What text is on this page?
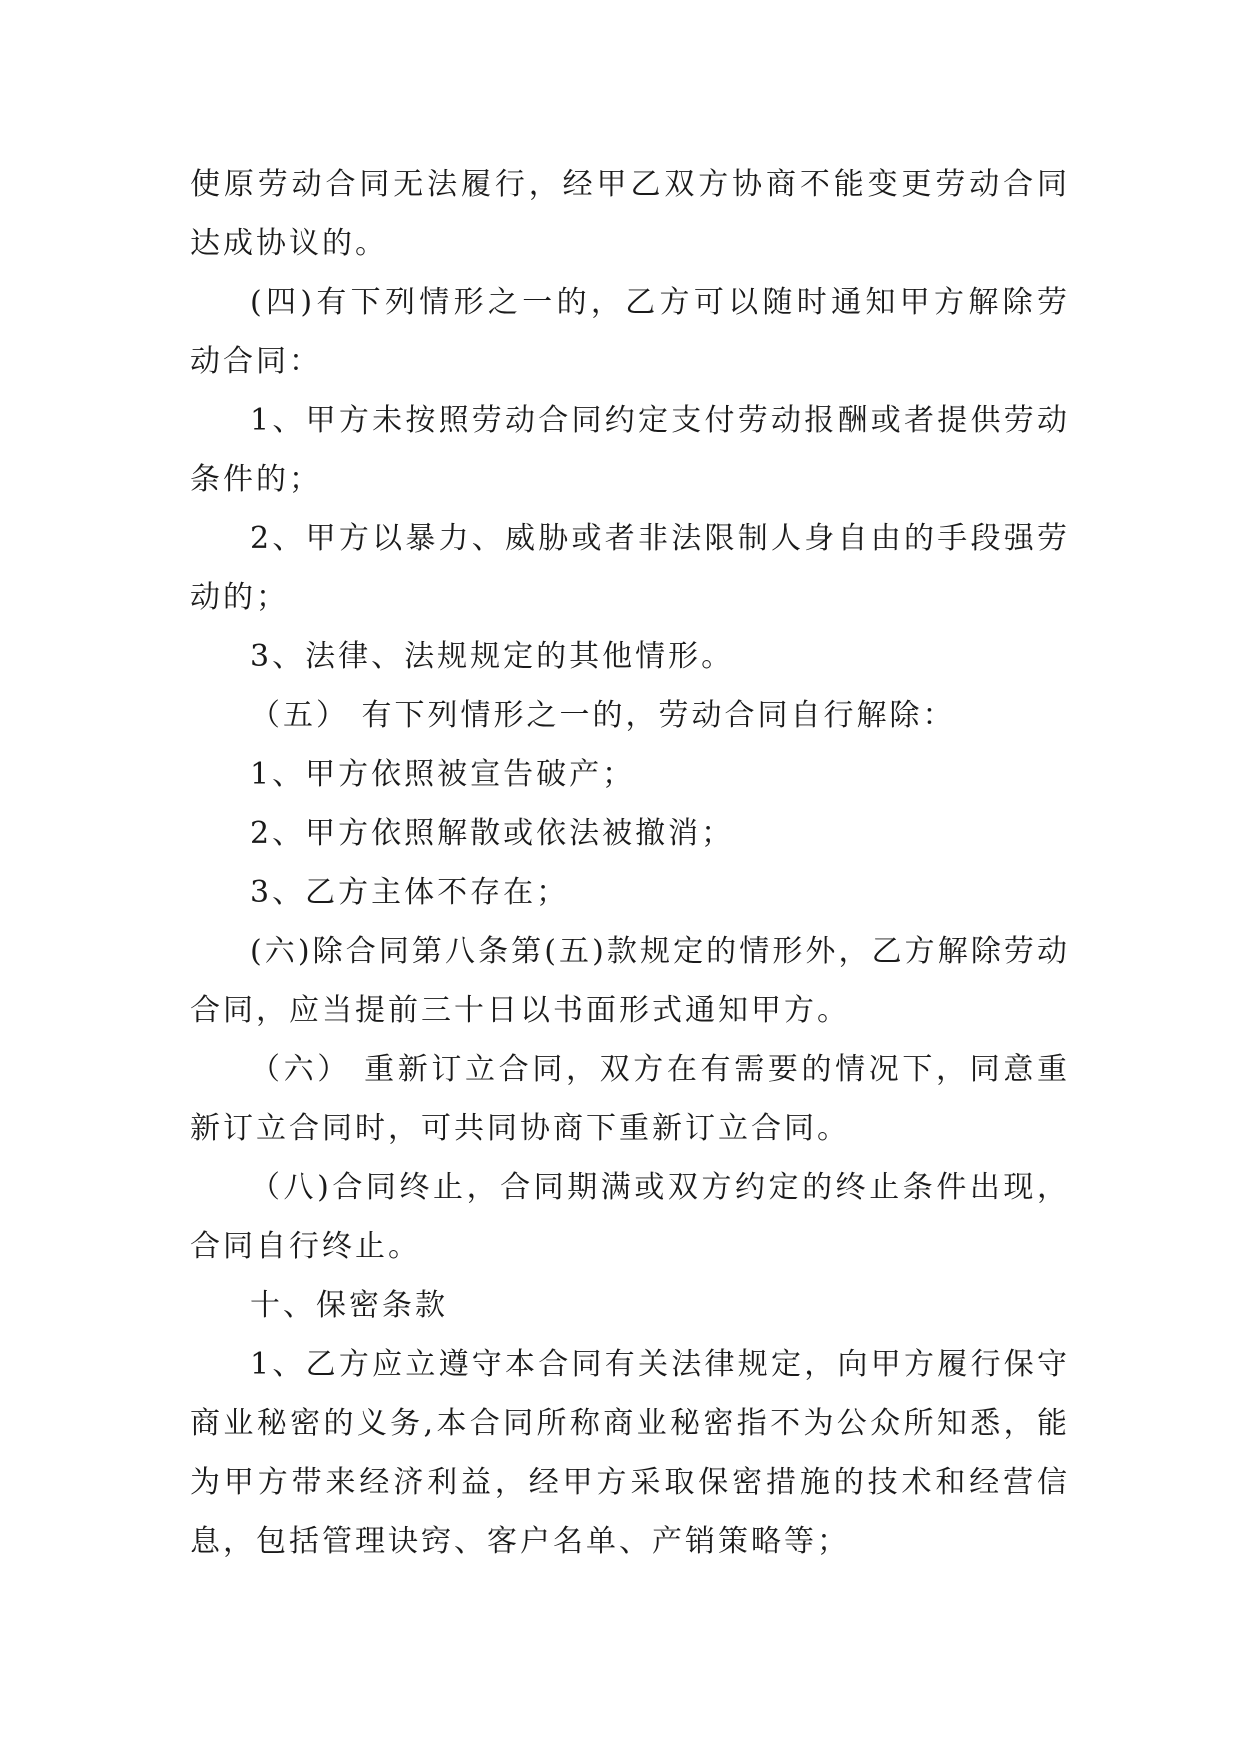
使原劳动合同无法履行，经甲乙双方协商不能变更劳动合同达成协议的。

(四)有下列情形之一的，乙方可以随时通知甲方解除劳动合同：

1、甲方未按照劳动合同约定支付劳动报酬或者提供劳动条件的；

2、甲方以暴力、威胁或者非法限制人身自由的手段强劳动的；

3、法律、法规规定的其他情形。

（五） 有下列情形之一的，劳动合同自行解除：

1、甲方依照被宣告破产；

2、甲方依照解散或依法被撤消；

3、乙方主体不存在；

(六)除合同第八条第(五)款规定的情形外，乙方解除劳动合同，应当提前三十日以书面形式通知甲方。

（六） 重新订立合同，双方在有需要的情况下，同意重新订立合同时，可共同协商下重新订立合同。

（八)合同终止，合同期满或双方约定的终止条件出现，合同自行终止。

十、保密条款

1、乙方应立遵守本合同有关法律规定，向甲方履行保守商业秘密的义务,本合同所称商业秘密指不为公众所知悉，能为甲方带来经济利益，经甲方采取保密措施的技术和经营信息，包括管理诀窍、客户名单、产销策略等；
